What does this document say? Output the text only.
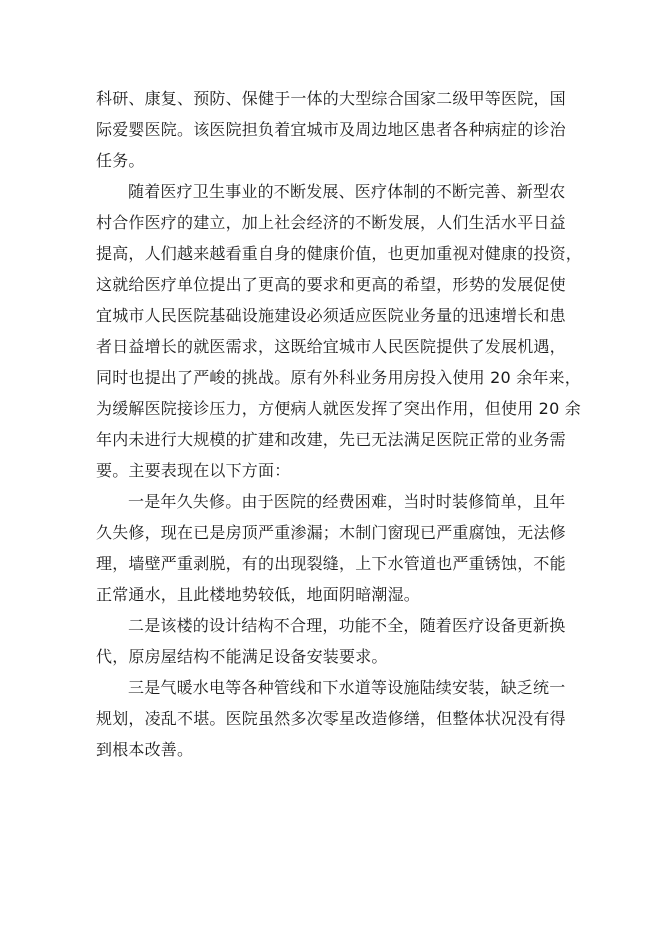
科研、康复、预防、保健于一体的大型综合国家二级甲等医院，国
际爱婴医院。该医院担负着宜城市及周边地区患者各种病症的诊治
任务。
随着医疗卫生事业的不断发展、医疗体制的不断完善、新型农
村合作医疗的建立，加上社会经济的不断发展，人们生活水平日益
提高，人们越来越看重自身的健康价值，也更加重视对健康的投资，
这就给医疗单位提出了更高的要求和更高的希望，形势的发展促使
宜城市人民医院基础设施建设必须适应医院业务量的迅速增长和患
者日益增长的就医需求，这既给宜城市人民医院提供了发展机遇，
同时也提出了严峻的挑战。原有外科业务用房投入使用 20 余年来，
为缓解医院接诊压力，方便病人就医发挥了突出作用，但使用 20 余
年内未进行大规模的扩建和改建，先已无法满足医院正常的业务需
要。主要表现在以下方面：
一是年久失修。由于医院的经费困难，当时时装修简单，且年
久失修，现在已是房顶严重渗漏；木制门窗现已严重腐蚀，无法修
理，墙壁严重剥脱，有的出现裂缝，上下水管道也严重锈蚀，不能
正常通水，且此楼地势较低，地面阴暗潮湿。
二是该楼的设计结构不合理，功能不全，随着医疗设备更新换
代，原房屋结构不能满足设备安装要求。
三是气暖水电等各种管线和下水道等设施陆续安装，缺乏统一
规划，凌乱不堪。医院虽然多次零星改造修缮，但整体状况没有得
到根本改善。
